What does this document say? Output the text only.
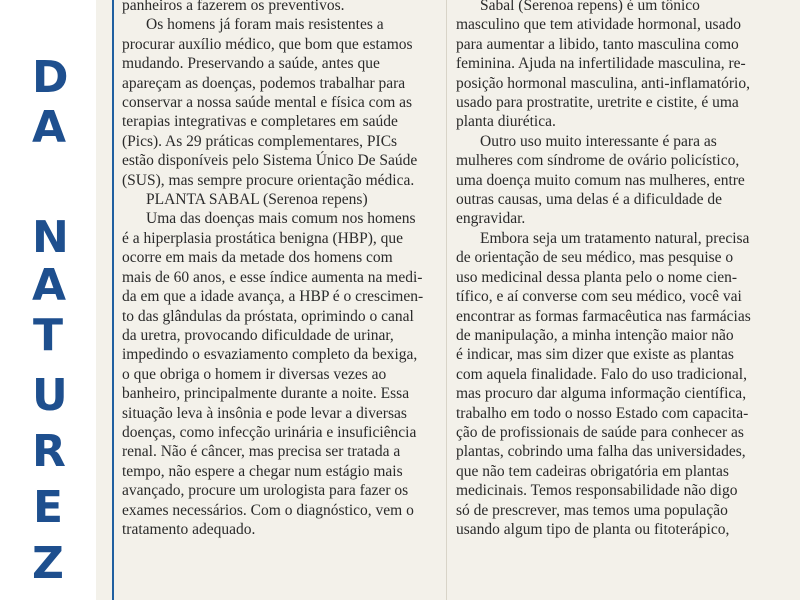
D
A
N
A
T
U
R
E
Z
panheiros a fazerem os preventivos.
Os homens já foram mais resistentes a
procurar auxílio médico, que bom que estamos
mudando. Preservando a saúde, antes que
apareçam as doenças, podemos trabalhar para
conservar a nossa saúde mental e física com as
terapias integrativas e completares em saúde
(Pics). As 29 práticas complementares, PICs
estão disponíveis pelo Sistema Único De Saúde
(SUS), mas sempre procure orientação médica.
PLANTA SABAL (Serenoa repens)
Uma das doenças mais comum nos homens
é a hiperplasia prostática benigna (HBP), que
ocorre em mais da metade dos homens com
mais de 60 anos, e esse índice aumenta na medi-
da em que a idade avança, a HBP é o crescimen-
to das glândulas da próstata, oprimindo o canal
da uretra, provocando dificuldade de urinar,
impedindo o esvaziamento completo da bexiga,
o que obriga o homem ir diversas vezes ao
banheiro, principalmente durante a noite. Essa
situação leva à insônia e pode levar a diversas
doenças, como infecção urinária e insuficiência
renal. Não é câncer, mas precisa ser tratada a
tempo, não espere a chegar num estágio mais
avançado, procure um urologista para fazer os
exames necessários. Com o diagnóstico, vem o
tratamento adequado.
Sabal (Serenoa repens) é um tônico
masculino que tem atividade hormonal, usado
para aumentar a libido, tanto masculina como
feminina. Ajuda na infertilidade masculina, re-
posição hormonal masculina, anti-inflamatório,
usado para prostratite, uretrite e cistite, é uma
planta diurética.
Outro uso muito interessante é para as
mulheres com síndrome de ovário policístico,
uma doença muito comum nas mulheres, entre
outras causas, uma delas é a dificuldade de
engravidar.
Embora seja um tratamento natural, precisa
de orientação de seu médico, mas pesquise o
uso medicinal dessa planta pelo o nome cien-
tífico, e aí converse com seu médico, você vai
encontrar as formas farmacêutica nas farmácias
de manipulação, a minha intenção maior não
é indicar, mas sim dizer que existe as plantas
com aquela finalidade. Falo do uso tradicional,
mas procuro dar alguma informação científica,
trabalho em todo o nosso Estado com capacita-
ção de profissionais de saúde para conhecer as
plantas, cobrindo uma falha das universidades,
que não tem cadeiras obrigatória em plantas
medicinais. Temos responsabilidade não digo
só de prescrever, mas temos uma população
usando algum tipo de planta ou fitoterápico,
